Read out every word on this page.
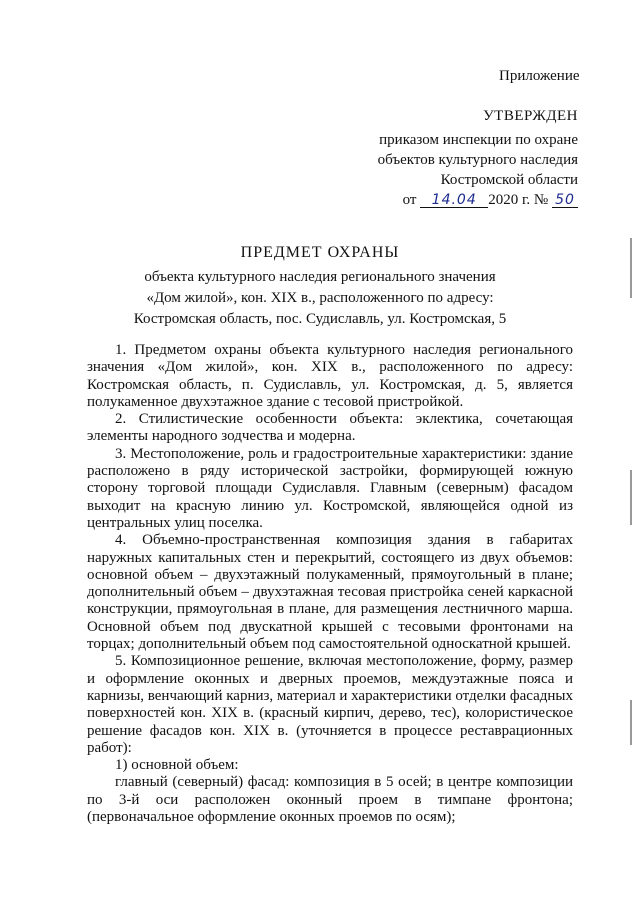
Приложение
УТВЕРЖДЕН
приказом инспекции по охране
объектов культурного наследия
Костромской области
от 14.04 2020 г. № 50
ПРЕДМЕТ ОХРАНЫ
объекта культурного наследия регионального значения
«Дом жилой», кон. XIX в., расположенного по адресу:
Костромская область, пос. Судиславль, ул. Костромская, 5

1. Предметом охраны объекта культурного наследия регионального значения «Дом жилой», кон. XIX в., расположенного по адресу: Костромская область, п. Судиславль, ул. Костромская, д. 5, является полукаменное двухэтажное здание с тесовой пристройкой.

2. Стилистические особенности объекта: эклектика, сочетающая элементы народного зодчества и модерна.

3. Местоположение, роль и градостроительные характеристики: здание расположено в ряду исторической застройки, формирующей южную сторону торговой площади Судиславля. Главным (северным) фасадом выходит на красную линию ул. Костромской, являющейся одной из центральных улиц поселка.

4. Объемно-пространственная композиция здания в габаритах наружных капитальных стен и перекрытий, состоящего из двух объемов: основной объем – двухэтажный полукаменный, прямоугольный в плане; дополнительный объем – двухэтажная тесовая пристройка сеней каркасной конструкции, прямоугольная в плане, для размещения лестничного марша. Основной объем под двускатной крышей с тесовыми фронтонами на торцах; дополнительный объем под самостоятельной односкатной крышей.

5. Композиционное решение, включая местоположение, форму, размер и оформление оконных и дверных проемов, междуэтажные пояса и карнизы, венчающий карниз, материал и характеристики отделки фасадных поверхностей кон. XIX в. (красный кирпич, дерево, тес), колористическое решение фасадов кон. XIX в. (уточняется в процессе реставрационных работ):

1) основной объем:

главный (северный) фасад: композиция в 5 осей; в центре композиции по 3-й оси расположен оконный проем в тимпане фронтона; (первоначальное оформление оконных проемов по осям);
